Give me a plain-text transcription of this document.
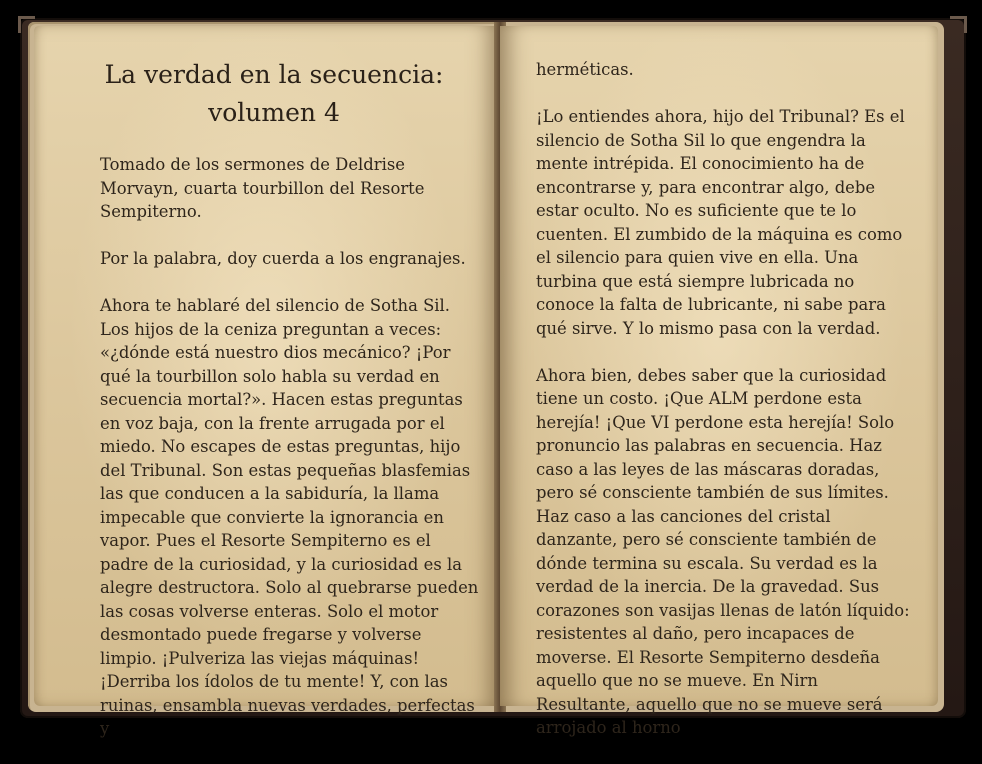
La verdad en la secuencia:
volumen 4

Tomado de los sermones de Deldrise Morvayn, cuarta tourbillon del Resorte Sempiterno.

Por la palabra, doy cuerda a los engranajes.

Ahora te hablaré del silencio de Sotha Sil. Los hijos de la ceniza preguntan a veces: «¿dónde está nuestro dios mecánico? ¡Por qué la tourbillon solo habla su verdad en secuencia mortal?». Hacen estas preguntas en voz baja, con la frente arrugada por el miedo. No escapes de estas preguntas, hijo del Tribunal. Son estas pequeñas blasfemias las que conducen a la sabiduría, la llama impecable que convierte la ignorancia en vapor. Pues el Resorte Sempiterno es el padre de la curiosidad, y la curiosidad es la alegre destructora. Solo al quebrarse pueden las cosas volverse enteras. Solo el motor desmontado puede fregarse y volverse limpio. ¡Pulveriza las viejas máquinas! ¡Derriba los ídolos de tu mente! Y, con las ruinas, ensambla nuevas verdades, perfectas y

herméticas.

¡Lo entiendes ahora, hijo del Tribunal? Es el silencio de Sotha Sil lo que engendra la mente intrépida. El conocimiento ha de encontrarse y, para encontrar algo, debe estar oculto. No es suficiente que te lo cuenten. El zumbido de la máquina es como el silencio para quien vive en ella. Una turbina que está siempre lubricada no conoce la falta de lubricante, ni sabe para qué sirve. Y lo mismo pasa con la verdad.

Ahora bien, debes saber que la curiosidad tiene un costo. ¡Que ALM perdone esta herejía! ¡Que VI perdone esta herejía! Solo pronuncio las palabras en secuencia. Haz caso a las leyes de las máscaras doradas, pero sé consciente también de sus límites. Haz caso a las canciones del cristal danzante, pero sé consciente también de dónde termina su escala. Su verdad es la verdad de la inercia. De la gravedad. Sus corazones son vasijas llenas de latón líquido: resistentes al daño, pero incapaces de moverse. El Resorte Sempiterno desdeña aquello que no se mueve. En Nirn Resultante, aquello que no se mueve será arrojado al horno
